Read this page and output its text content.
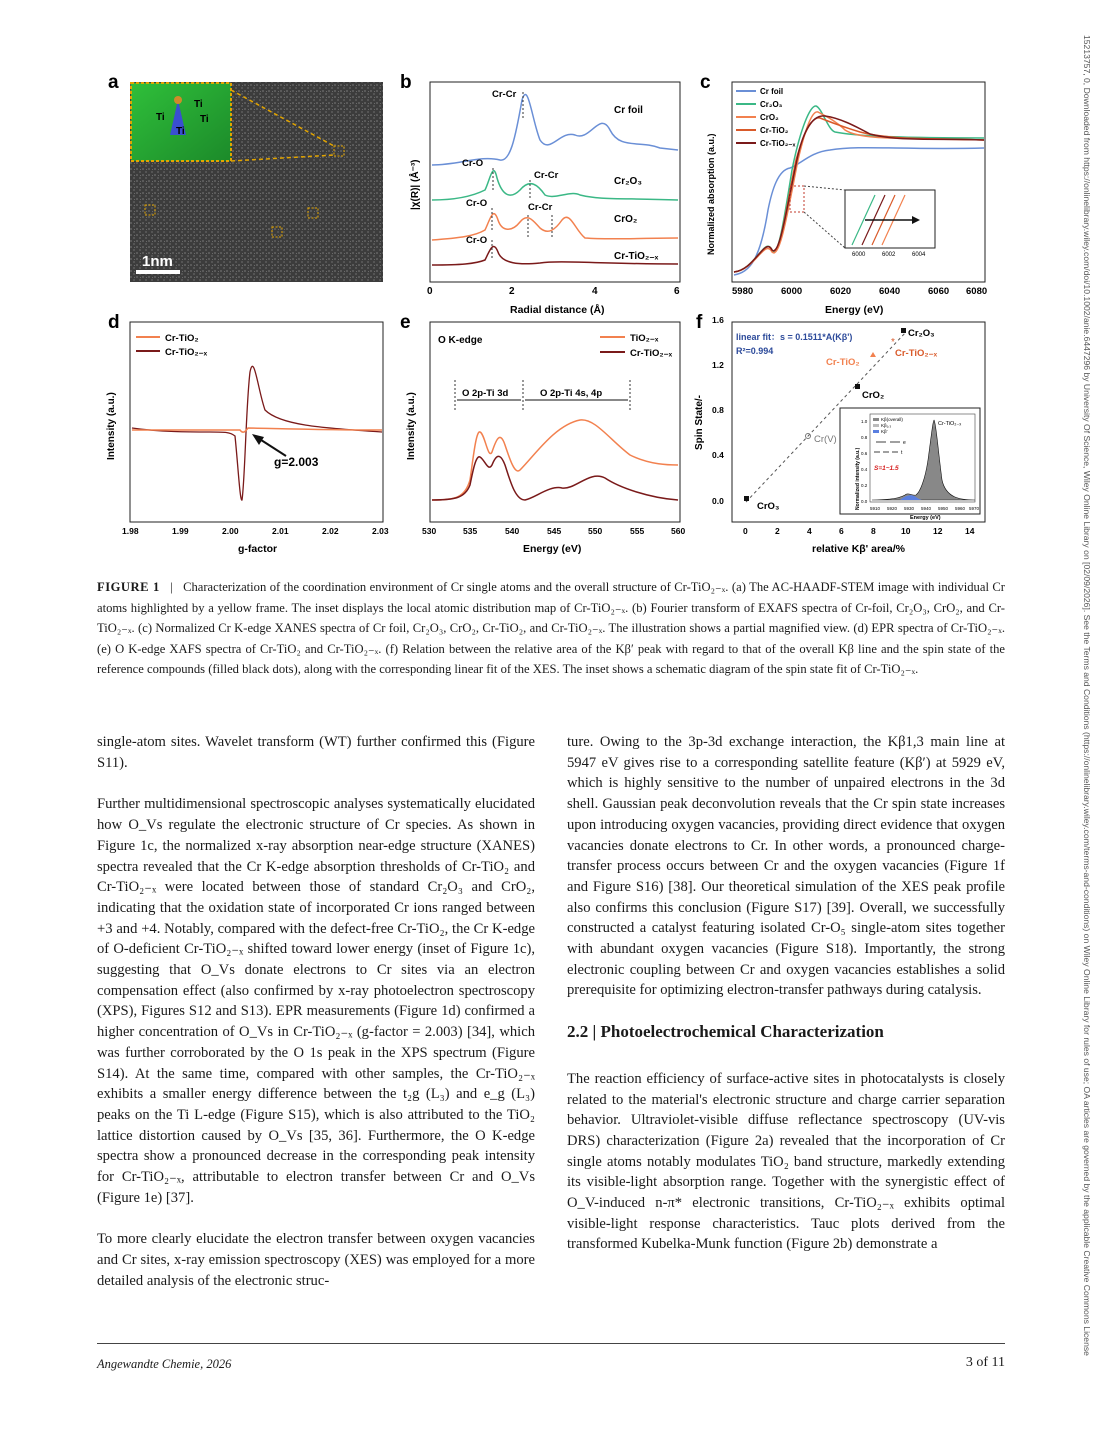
15213757, 0, Downloaded from https://onlinelibrary.wiley.com/doi/10.1002/anie.6447296 by University Of Science, Wiley Online Library on [02/09/2026]. See the Terms and Conditions (https://onlinelibrary.wiley.com/terms-and-conditions) on Wiley Online Library for rules of use; OA articles are governed by the applicable Creative Commons License
a
Ti
Ti	Ti
Ti
1nm
b
Cr-Cr
Cr-O
Cr-Cr
Cr-O	Cr-Cr
Cr-O
Cr foil
Cr₂O₃
CrO₂
Cr-TiO₂₋ₓ
0	2	4	6
Radial distance (Å)
|χ(R)| (Å⁻³)
c
6000	6002	6004
Cr foil
Cr₂O₃
CrO₂
Cr-TiO₂
Cr-TiO₂₋ₓ
5980	6000	6020	6040	6060 6080
Energy (eV)
Normalized absorption (a.u.)
d
Cr-TiO₂
Cr-TiO₂₋ₓ
g=2.003
1.98	1.99	2.00	2.01	2.02	2.03
g-factor
Intensity (a.u.)
e
O K-edge	TiO₂₋ₓ
Cr-TiO₂₋ₓ
O 2p-Ti 3d	O 2p-Ti 4s, 4p
530	535	540	545	550	555	560
Energy (eV)
Intensity (a.u.)
f
*
Cr₂O₃
Cr-TiO₂₋ₓ
Cr-TiO₂
CrO₂
Cr(V)
CrO₃
linear fit：s = 0.1511*A(Kβ')
R²=0.994
Cr-TiO₂₋ₓ
Kβ(overall)
Kβ₁,₃
Kβ'
e
t
S=1~1.5
5910 5920 5930 5940 5950 5960 5970
Energy (eV)
Normalized intensity (a.u.) 0.0
0.2
0.4
0.6
0.8
1.0
0.0
0.4
0.8
1.2
1.6
0	2	4	6	8	10	12	14
relative Kβ' area/%
Spin State/-
FIGURE 1   |   Characterization of the coordination environment of Cr single atoms and the overall structure of Cr-TiO₂₋ₓ. (a) The AC-HAADF-STEM image with individual Cr atoms highlighted by a yellow frame. The inset displays the local atomic distribution map of Cr-TiO₂₋ₓ. (b) Fourier transform of EXAFS spectra of Cr-foil, Cr₂O₃, CrO₂, and Cr-TiO₂₋ₓ. (c) Normalized Cr K-edge XANES spectra of Cr foil, Cr₂O₃, CrO₂, Cr-TiO₂, and Cr-TiO₂₋ₓ. The illustration shows a partial magnified view. (d) EPR spectra of Cr-TiO₂₋ₓ. (e) O K-edge XAFS spectra of Cr-TiO₂ and Cr-TiO₂₋ₓ. (f) Relation between the relative area of the Kβ′ peak with regard to that of the overall Kβ line and the spin state of the reference compounds (filled black dots), along with the corresponding linear fit of the XES. The inset shows a schematic diagram of the spin state fit of Cr-TiO₂₋ₓ.

single-atom sites. Wavelet transform (WT) further confirmed this (Figure S11).

Further multidimensional spectroscopic analyses systematically elucidated how O_Vs regulate the electronic structure of Cr species. As shown in Figure 1c, the normalized x-ray absorption near-edge structure (XANES) spectra revealed that the Cr K-edge absorption thresholds of Cr-TiO₂ and Cr-TiO₂₋ₓ were located between those of standard Cr₂O₃ and CrO₂, indicating that the oxidation state of incorporated Cr ions ranged between +3 and +4. Notably, compared with the defect-free Cr-TiO₂, the Cr K-edge of O-deficient Cr-TiO₂₋ₓ shifted toward lower energy (inset of Figure 1c), suggesting that O_Vs donate electrons to Cr sites via an electron compensation effect (also confirmed by x-ray photoelectron spectroscopy (XPS), Figures S12 and S13). EPR measurements (Figure 1d) confirmed a higher concentration of O_Vs in Cr-TiO₂₋ₓ (g-factor = 2.003) [34], which was further corroborated by the O 1s peak in the XPS spectrum (Figure S14). At the same time, compared with other samples, the Cr-TiO₂₋ₓ exhibits a smaller energy difference between the t₂g (L₃) and e_g (L₃) peaks on the Ti L-edge (Figure S15), which is also attributed to the TiO₂ lattice distortion caused by O_Vs [35, 36]. Furthermore, the O K-edge spectra show a pronounced decrease in the corresponding peak intensity for Cr-TiO₂₋ₓ, attributable to electron transfer between Cr and O_Vs (Figure 1e) [37].

To more clearly elucidate the electron transfer between oxygen vacancies and Cr sites, x-ray emission spectroscopy (XES) was employed for a more detailed analysis of the electronic struc-

ture. Owing to the 3p-3d exchange interaction, the Kβ1,3 main line at 5947 eV gives rise to a corresponding satellite feature (Kβ′) at 5929 eV, which is highly sensitive to the number of unpaired electrons in the 3d shell. Gaussian peak deconvolution reveals that the Cr spin state increases upon introducing oxygen vacancies, providing direct evidence that oxygen vacancies donate electrons to Cr. In other words, a pronounced charge-transfer process occurs between Cr and the oxygen vacancies (Figure 1f and Figure S16) [38]. Our theoretical simulation of the XES peak profile also confirms this conclusion (Figure S17) [39]. Overall, we successfully constructed a catalyst featuring isolated Cr-O₅ single-atom sites together with abundant oxygen vacancies (Figure S18). Importantly, the strong electronic coupling between Cr and oxygen vacancies establishes a solid prerequisite for optimizing electron-transfer pathways during catalysis.

2.2 | Photoelectrochemical Characterization

The reaction efficiency of surface-active sites in photocatalysts is closely related to the material's electronic structure and charge carrier separation behavior. Ultraviolet-visible diffuse reflectance spectroscopy (UV-vis DRS) characterization (Figure 2a) revealed that the incorporation of Cr single atoms notably modulates TiO₂ band structure, markedly extending its visible-light absorption range. Together with the synergistic effect of O_V-induced n-π* electronic transitions, Cr-TiO₂₋ₓ exhibits optimal visible-light response characteristics. Tauc plots derived from the transformed Kubelka-Munk function (Figure 2b) demonstrate a

Angewandte Chemie, 2026	3 of 11
